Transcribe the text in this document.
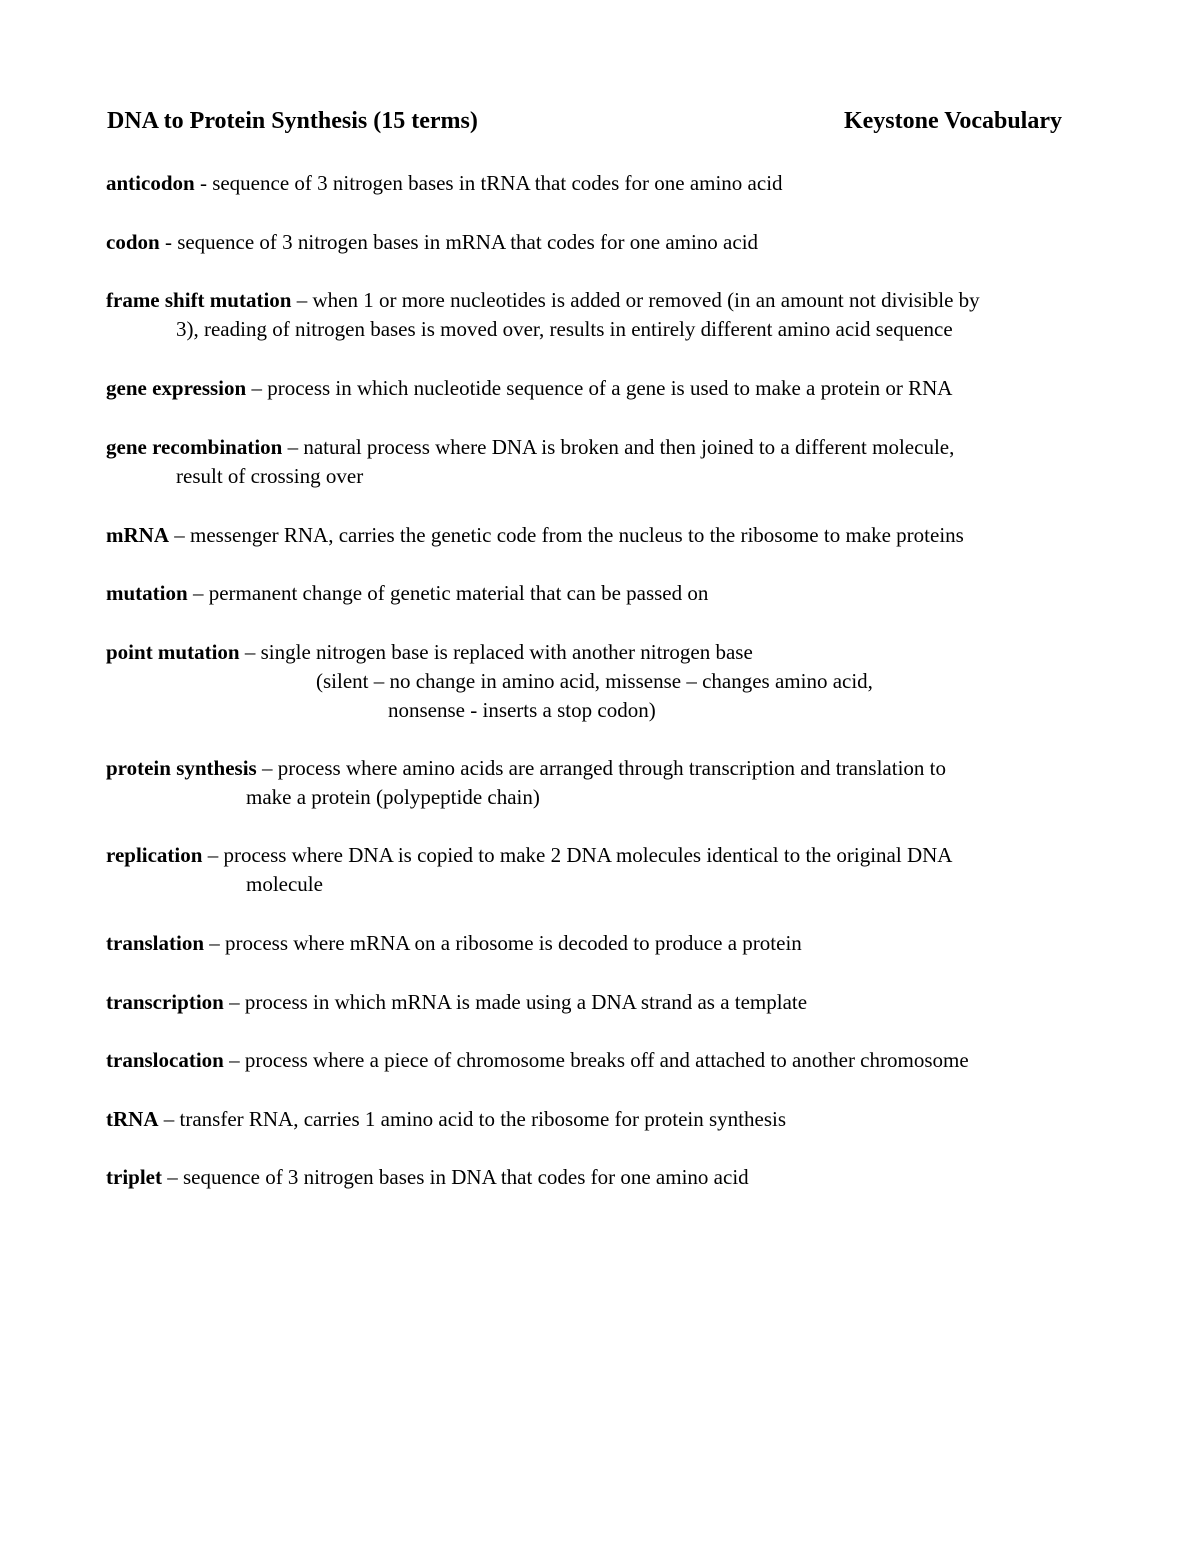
DNA to Protein Synthesis (15 terms)	Keystone Vocabulary
anticodon - sequence of 3 nitrogen bases in tRNA that codes for one amino acid
codon - sequence of 3 nitrogen bases in mRNA that codes for one amino acid
frame shift mutation – when 1 or more nucleotides is added or removed (in an amount not divisible by
3), reading of nitrogen bases is moved over, results in entirely different amino acid sequence
gene expression – process in which nucleotide sequence of a gene is used to make a protein or RNA
gene recombination – natural process where DNA is broken and then joined to a different molecule,
result of crossing over
mRNA – messenger RNA, carries the genetic code from the nucleus to the ribosome to make proteins
mutation – permanent change of genetic material that can be passed on
point mutation – single nitrogen base is replaced with another nitrogen base
(silent – no change in amino acid, missense – changes amino acid,
nonsense - inserts a stop codon)
protein synthesis – process where amino acids are arranged through transcription and translation to
make a protein (polypeptide chain)
replication – process where DNA is copied to make 2 DNA molecules identical to the original DNA
molecule
translation – process where mRNA on a ribosome is decoded to produce a protein
transcription – process in which mRNA is made using a DNA strand as a template
translocation – process where a piece of chromosome breaks off and attached to another chromosome
tRNA – transfer RNA, carries 1 amino acid to the ribosome for protein synthesis
triplet – sequence of 3 nitrogen bases in DNA that codes for one amino acid
